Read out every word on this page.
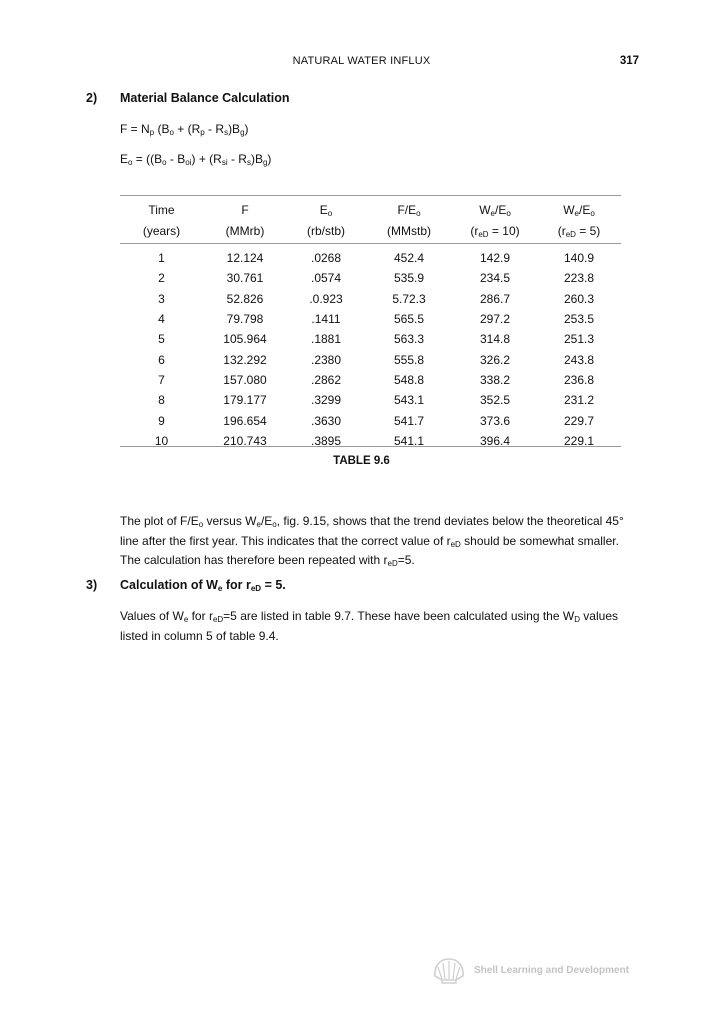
NATURAL WATER INFLUX	317
2) Material Balance Calculation
$F = N_p$ $(B_o + (R_p - R_s)B_g)$
$E_o = ((B_o - B_{oi}) + (R_{si} - R_s)B_g)$
Time	F	$E_o$	$F/E_o$	$W_e/E_o$	$W_e/E_o$
(years)	(MMrb)	(rb/stb)	(MMstb)	$(r_{eD} = 10)$	$(r_{eD} = 5)$
1	12.124	.0268	452.4	142.9	140.9
2	30.761	.0574	535.9	234.5	223.8
3	52.826	.0.923	5.72.3	286.7	260.3
4	79.798	.1411	565.5	297.2	253.5
5	105.964	.1881	563.3	314.8	251.3
6	132.292	.2380	555.8	326.2	243.8
7	157.080	.2862	548.8	338.2	236.8
8	179.177	.3299	543.1	352.5	231.2
9	196.654	.3630	541.7	373.6	229.7
10	210.743	.3895	541.1	396.4	229.1
TABLE 9.6
The plot of $F/E_o$ versus $W_e/E_o$, fig. 9.15, shows that the trend deviates below the theoretical 45° line after the first year. This indicates that the correct value of $r_{eD}$ should be somewhat smaller. The calculation has therefore been repeated with $r_{eD}=5$.
3) Calculation of $W_e$ for $r_{eD} = 5$.
Values of $W_e$ for $r_{eD}=5$ are listed in table 9.7. These have been calculated using the $W_D$ values listed in column 5 of table 9.4.
Shell Learning and Development
